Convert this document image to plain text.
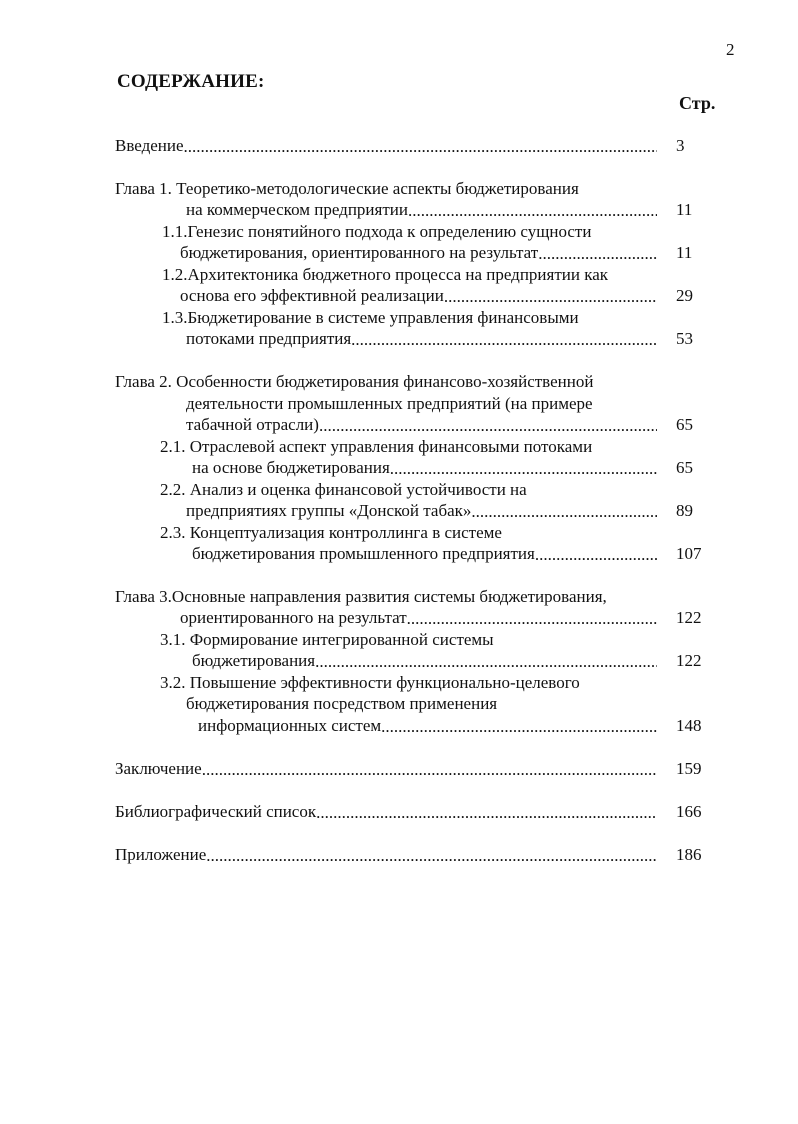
2
СОДЕРЖАНИЕ:
Стр.
Введение .....	3
Глава 1. Теоретико-методологические аспекты бюджетирования
на коммерческом предприятии .....	11
1.1.Генезис понятийного подхода к определению сущности
бюджетирования, ориентированного на результат .....	11
1.2.Архитектоника бюджетного процесса на предприятии как
основа его эффективной реализации .....	29
1.3.Бюджетирование в системе управления финансовыми
потоками предприятия .....	53
Глава 2. Особенности бюджетирования финансово-хозяйственной
деятельности промышленных предприятий (на примере
табачной отрасли) .....	65
2.1. Отраслевой аспект управления финансовыми потоками
на основе бюджетирования .....	65
2.2. Анализ и оценка финансовой устойчивости на
предприятиях группы «Донской табак» .....	89
2.3. Концептуализация контроллинга в системе
бюджетирования промышленного предприятия .....	107
Глава 3.Основные направления развития системы бюджетирования,
ориентированного на результат .....	122
3.1. Формирование интегрированной системы
бюджетирования .....	122
3.2. Повышение эффективности функционально-целевого
бюджетирования посредством применения
информационных систем .....	148
Заключение .....	159
Библиографический список .....	166
Приложение .....	186
